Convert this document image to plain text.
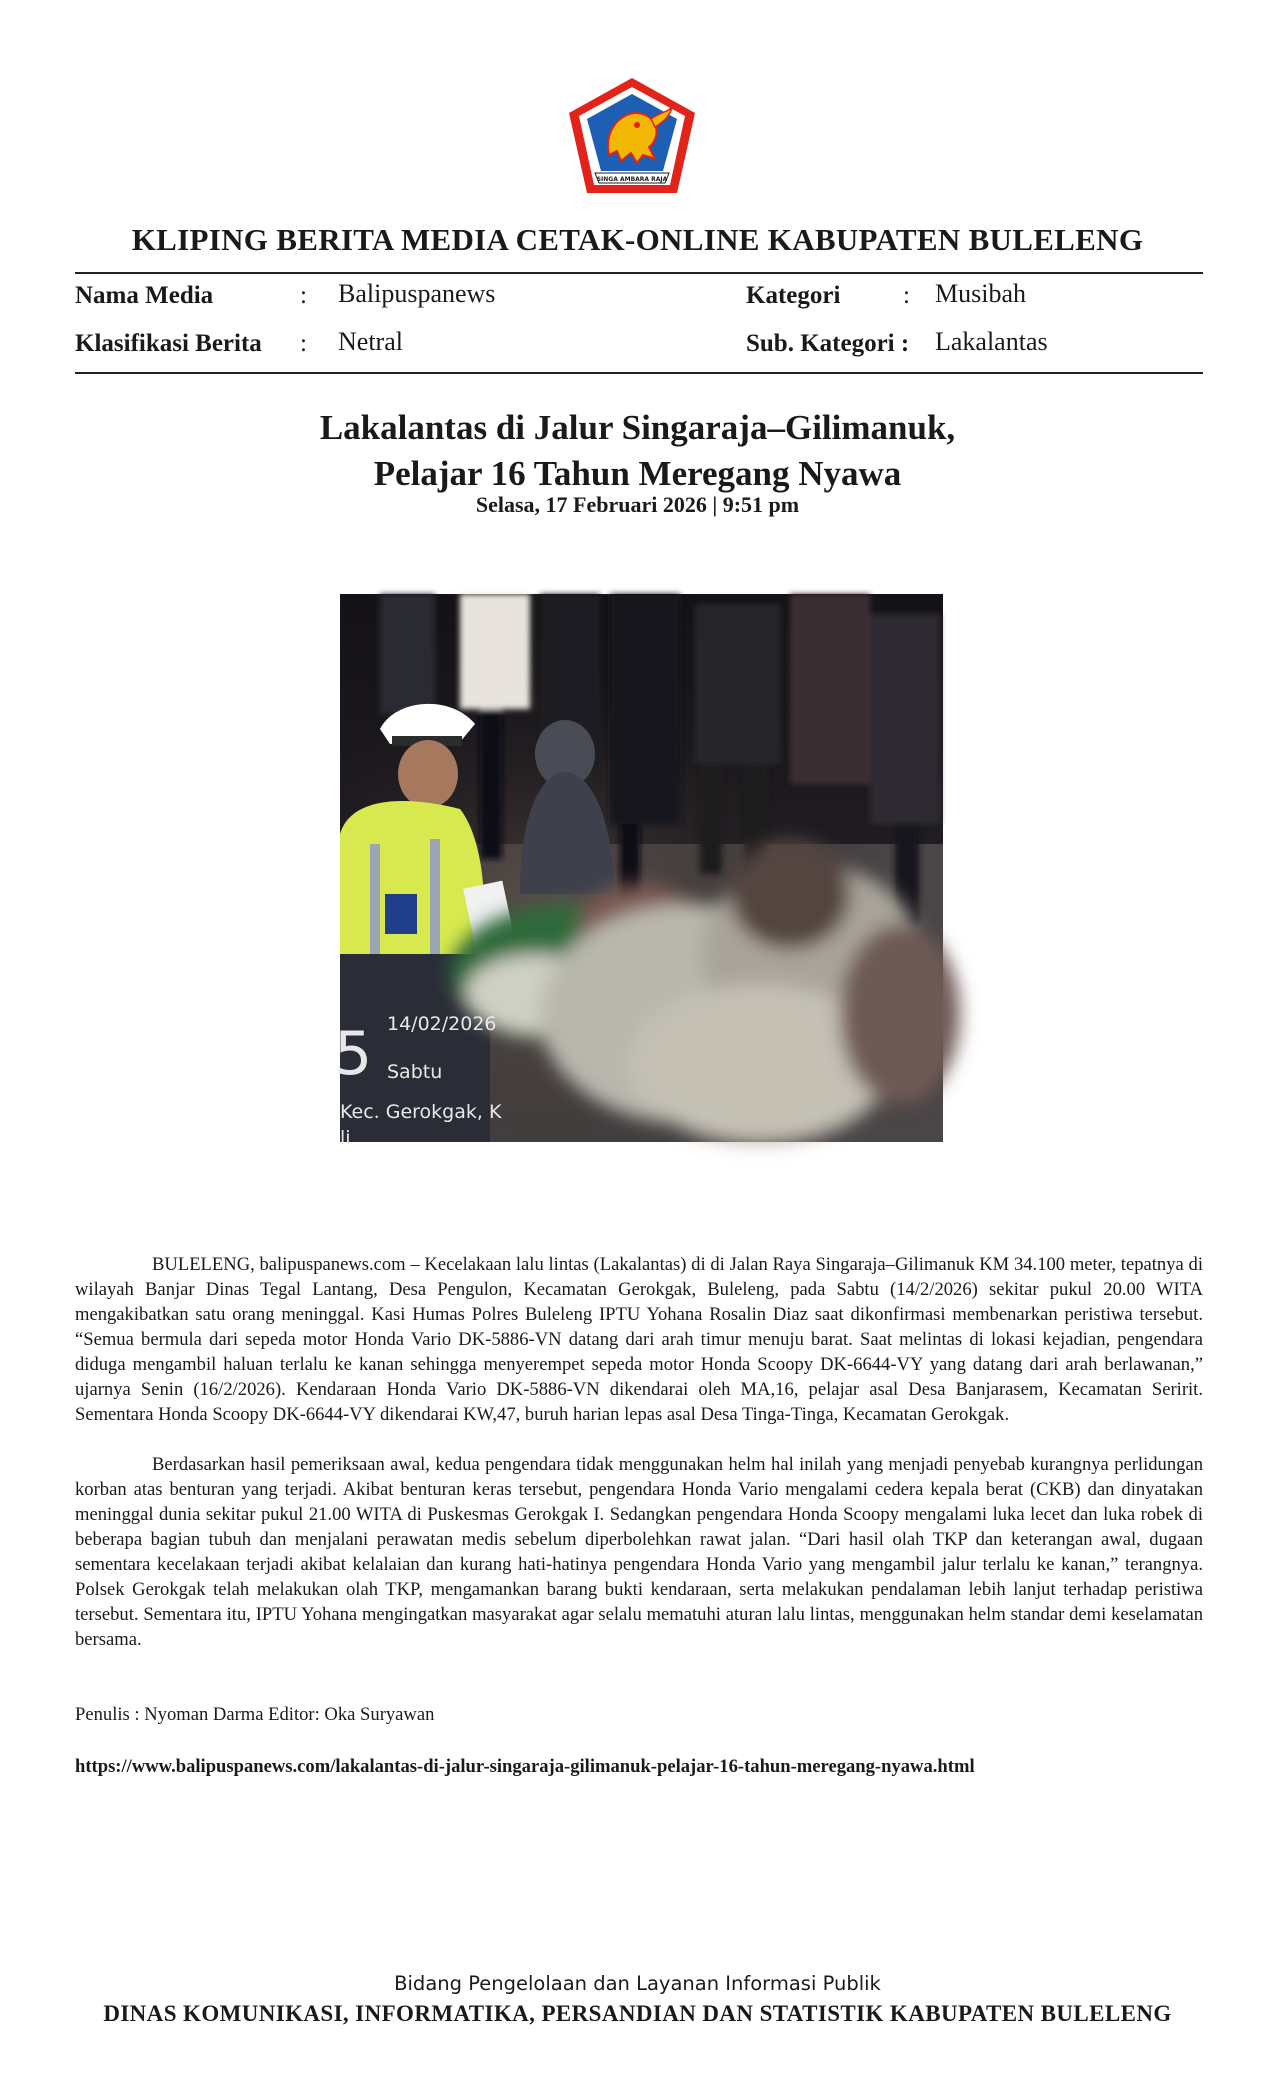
SINGA AMBARA RAJA
KLIPING BERITA MEDIA CETAK-ONLINE KABUPATEN BULELENG
Nama Media	: Balipuspanews	Kategori	: Musibah
Klasifikasi Berita : Netral	Sub. Kategori : Lakalantas
Lakalantas di Jalur Singaraja–Gilimanuk,
Pelajar 16 Tahun Meregang Nyawa
Selasa, 17 Februari 2026 | 9:51 pm
5 14/02/2026
Sabtu
Kec. Gerokgak, K
li

BULELENG, balipuspanews.com – Kecelakaan lalu lintas (Lakalantas) di di Jalan Raya Singaraja–Gilimanuk KM 34.100 meter, tepatnya di wilayah Banjar Dinas Tegal Lantang, Desa Pengulon, Kecamatan Gerokgak, Buleleng, pada Sabtu (14/2/2026) sekitar pukul 20.00 WITA mengakibatkan satu orang meninggal. Kasi Humas Polres Buleleng IPTU Yohana Rosalin Diaz saat dikonfirmasi membenarkan peristiwa tersebut. “Semua bermula dari sepeda motor Honda Vario DK-5886-VN datang dari arah timur menuju barat. Saat melintas di lokasi kejadian, pengendara diduga mengambil haluan terlalu ke kanan sehingga menyerempet sepeda motor Honda Scoopy DK-6644-VY yang datang dari arah berlawanan,” ujarnya Senin (16/2/2026). Kendaraan Honda Vario DK-5886-VN dikendarai oleh MA,16, pelajar asal Desa Banjarasem, Kecamatan Seririt. Sementara Honda Scoopy DK-6644-VY dikendarai KW,47, buruh harian lepas asal Desa Tinga-Tinga, Kecamatan Gerokgak.

Berdasarkan hasil pemeriksaan awal, kedua pengendara tidak menggunakan helm hal inilah yang menjadi penyebab kurangnya perlidungan korban atas benturan yang terjadi. Akibat benturan keras tersebut, pengendara Honda Vario mengalami cedera kepala berat (CKB) dan dinyatakan meninggal dunia sekitar pukul 21.00 WITA di Puskesmas Gerokgak I. Sedangkan pengendara Honda Scoopy mengalami luka lecet dan luka robek di beberapa bagian tubuh dan menjalani perawatan medis sebelum diperbolehkan rawat jalan. “Dari hasil olah TKP dan keterangan awal, dugaan sementara kecelakaan terjadi akibat kelalaian dan kurang hati-hatinya pengendara Honda Vario yang mengambil jalur terlalu ke kanan,” terangnya. Polsek Gerokgak telah melakukan olah TKP, mengamankan barang bukti kendaraan, serta melakukan pendalaman lebih lanjut terhadap peristiwa tersebut. Sementara itu, IPTU Yohana mengingatkan masyarakat agar selalu mematuhi aturan lalu lintas, menggunakan helm standar demi keselamatan bersama.

Penulis : Nyoman Darma Editor: Oka Suryawan
https://www.balipuspanews.com/lakalantas-di-jalur-singaraja-gilimanuk-pelajar-16-tahun-meregang-nyawa.html
Bidang Pengelolaan dan Layanan Informasi Publik
DINAS KOMUNIKASI, INFORMATIKA, PERSANDIAN DAN STATISTIK KABUPATEN BULELENG
